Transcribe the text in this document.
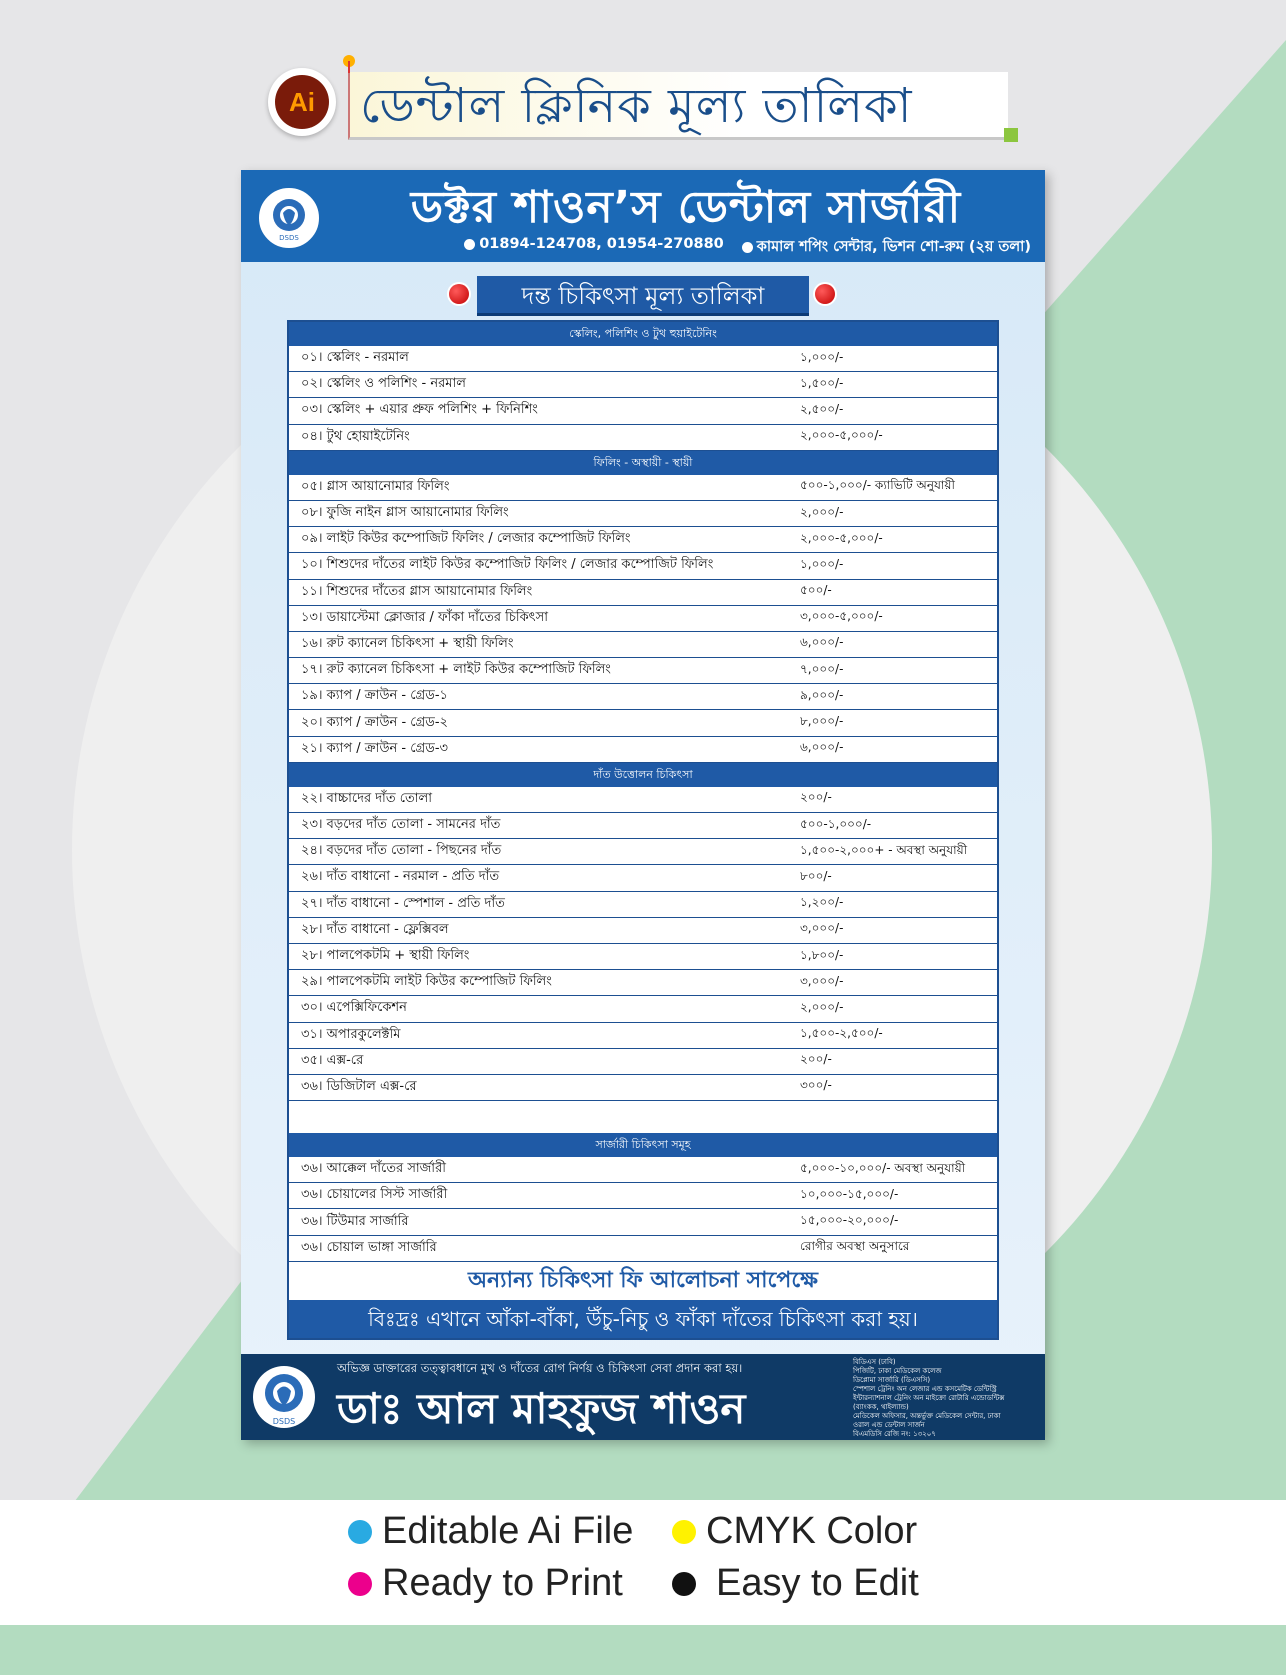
Ai ডেন্টাল ক্লিনিক মূল্য তালিকা
DSDS
ডক্টর শাওন’স ডেন্টাল সার্জারী
01894-124708, 01954-270880	কামাল শপিং সেন্টার, ভিশন শো-রুম (২য় তলা)
দন্ত চিকিৎসা মূল্য তালিকা
স্কেলিং, পলিশিং ও টুথ হুয়াইটেনিং
০১। স্কেলিং - নরমাল	১,০০০/-
০২। স্কেলিং ও পলিশিং - নরমাল	১,৫০০/-
০৩। স্কেলিং + এয়ার প্রুফ পলিশিং + ফিনিশিং	২,৫০০/-
০৪। টুথ হোয়াইটেনিং	২,০০০-৫,০০০/-
ফিলিং - অস্থায়ী - স্থায়ী
০৫। গ্লাস আয়ানোমার ফিলিং	৫০০-১,০০০/- ক্যাভিটি অনুযায়ী
০৮। ফুজি নাইন গ্লাস আয়ানোমার ফিলিং	২,০০০/-
০৯। লাইট কিউর কম্পোজিট ফিলিং / লেজার কম্পোজিট ফিলিং	২,০০০-৫,০০০/-
১০। শিশুদের দাঁতের লাইট কিউর কম্পোজিট ফিলিং / লেজার কম্পোজিট ফিলিং	১,০০০/-
১১। শিশুদের দাঁতের গ্লাস আয়ানোমার ফিলিং	৫০০/-
১৩। ডায়াস্টেমা ক্লোজার / ফাঁকা দাঁতের চিকিৎসা	৩,০০০-৫,০০০/-
১৬। রুট ক্যানেল চিকিৎসা + স্থায়ী ফিলিং	৬,০০০/-
১৭। রুট ক্যানেল চিকিৎসা + লাইট কিউর কম্পোজিট ফিলিং	৭,০০০/-
১৯। ক্যাপ / ক্রাউন - গ্রেড-১	৯,০০০/-
২০। ক্যাপ / ক্রাউন - গ্রেড-২	৮,০০০/-
২১। ক্যাপ / ক্রাউন - গ্রেড-৩	৬,০০০/-
দাঁত উত্তোলন চিকিৎসা
২২। বাচ্চাদের দাঁত তোলা	২০০/-
২৩। বড়দের দাঁত তোলা - সামনের দাঁত	৫০০-১,০০০/-
২৪। বড়দের দাঁত তোলা - পিছনের দাঁত	১,৫০০-২,০০০+ - অবস্থা অনুযায়ী
২৬। দাঁত বাধানো - নরমাল - প্রতি দাঁত	৮০০/-
২৭। দাঁত বাধানো - স্পেশাল - প্রতি দাঁত	১,২০০/-
২৮। দাঁত বাধানো - ফ্লেক্সিবল	৩,০০০/-
২৮। পালপেকটমি + স্থায়ী ফিলিং	১,৮০০/-
২৯। পালপেকটমি লাইট কিউর কম্পোজিট ফিলিং	৩,০০০/-
৩০। এপেক্সিফিকেশন	২,০০০/-
৩১। অপারকুলেক্টমি	১,৫০০-২,৫০০/-
৩৫। এক্স-রে	২০০/-
৩৬। ডিজিটাল এক্স-রে	৩০০/-
সার্জারী চিকিৎসা সমূহ
৩৬। আক্কেল দাঁতের সার্জারী	৫,০০০-১০,০০০/- অবস্থা অনুযায়ী
৩৬। চোয়ালের সিস্ট সার্জারী	১০,০০০-১৫,০০০/-
৩৬। টিউমার সার্জারি	১৫,০০০-২০,০০০/-
৩৬। চোয়াল ভাঙ্গা সার্জারি	রোগীর অবস্থা অনুসারে
অন্যান্য চিকিৎসা ফি আলোচনা সাপেক্ষে
বিঃদ্রঃ এখানে আঁকা-বাঁকা, উঁচু-নিচু ও ফাঁকা দাঁতের চিকিৎসা করা হয়।
DSDS
অভিজ্ঞ ডাক্তারের তত্ত্বাবধানে মুখ ও দাঁতের রোগ নির্ণয় ও চিকিৎসা সেবা প্রদান করা হয়।
ডাঃ আল মাহফুজ শাওন
বিডিএস (ঢাবি)
পিজিটি, ঢাকা মেডিকেল কলেজ
ডিপ্লোমা সার্জারি (ডিএসসি)
স্পেশাল ট্রেনিং অন লেজার এন্ড কসমেটিক ডেন্টিস্ট্রি
ইন্টারন্যাশনাল ট্রেনিং অন মাইক্রো রোটারি এন্ডোডন্টিক্স
(ব্যাংকক, থাইল্যান্ড)
মেডিকেল অফিসার, অন্তর্ভুক্ত মেডিকেল সেন্টার, ঢাকা
ওরাল এন্ড ডেন্টাল সার্জন
বিএমডিসি রেজি নং: ১৩২০৭
Editable Ai File CMYK Color
Ready to Print Easy to Edit
